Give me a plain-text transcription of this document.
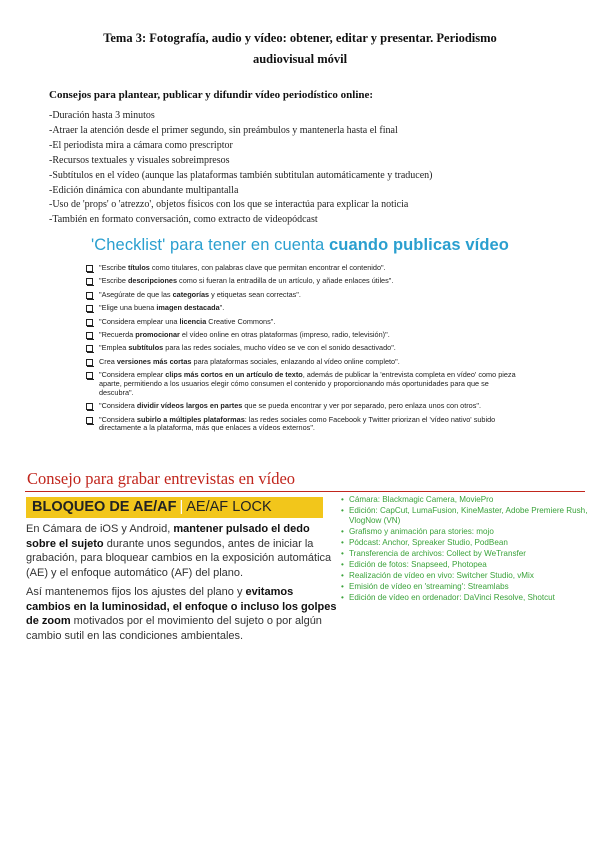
Tema 3: Fotografía, audio y vídeo: obtener, editar y presentar. Periodismo
audiovisual móvil
Consejos para plantear, publicar y difundir vídeo periodístico online:
-Duración hasta 3 minutos
-Atraer la atención desde el primer segundo, sin preámbulos y mantenerla hasta el final
-El periodista mira a cámara como prescriptor
-Recursos textuales y visuales sobreimpresos
-Subtítulos en el vídeo (aunque las plataformas también subtitulan automáticamente y traducen)
-Edición dinámica con abundante multipantalla
-Uso de 'props' o 'atrezzo', objetos físicos con los que se interactúa para explicar la noticia
-También en formato conversación, como extracto de videopódcast
'Checklist' para tener en cuenta cuando publicas vídeo
"Escribe títulos como titulares, con palabras clave que permitan encontrar el contenido".
"Escribe descripciones como si fueran la entradilla de un artículo, y añade enlaces útiles".
"Asegúrate de que las categorías y etiquetas sean correctas".
"Elige una buena imagen destacada".
"Considera emplear una licencia Creative Commons".
"Recuerda promocionar el vídeo online en otras plataformas (impreso, radio, televisión)".
"Emplea subtítulos para las redes sociales, mucho vídeo se ve con el sonido desactivado".
Crea versiones más cortas para plataformas sociales, enlazando al vídeo online completo".
"Considera emplear clips más cortos en un artículo de texto, además de publicar la 'entrevista completa en vídeo' como pieza aparte, permitiendo a los usuarios elegir cómo consumen el contenido y proporcionando más oportunidades para que se descubra".
"Considera dividir vídeos largos en partes que se pueda encontrar y ver por separado, pero enlaza unos con otros".
"Considera subirlo a múltiples plataformas: las redes sociales como Facebook y Twitter priorizan el 'vídeo nativo' subido directamente a la plataforma, más que enlaces a vídeos externos".
Consejo para grabar entrevistas en vídeo
BLOQUEO DE AE/AF | AE/AF LOCK

En Cámara de iOS y Android, mantener pulsado el dedo sobre el sujeto durante unos segundos, antes de iniciar la grabación, para bloquear cambios en la exposición automática (AE) y el enfoque automático (AF) del plano.

Así mantenemos fijos los ajustes del plano y evitamos cambios en la luminosidad, el enfoque o incluso los golpes de zoom motivados por el movimiento del sujeto o por algún cambio sutil en las condiciones ambientales.

• Cámara: Blackmagic Camera, MoviePro
• Edición: CapCut, LumaFusion, KineMaster, Adobe Premiere Rush, VlogNow (VN)
• Grafismo y animación para stories: mojo
• Pódcast: Anchor, Spreaker Studio, PodBean
• Transferencia de archivos: Collect by WeTransfer
• Edición de fotos: Snapseed, Photopea
• Realización de vídeo en vivo: Switcher Studio, vMix
• Emisión de vídeo en 'streaming': Streamlabs
• Edición de vídeo en ordenador: DaVinci Resolve, Shotcut
